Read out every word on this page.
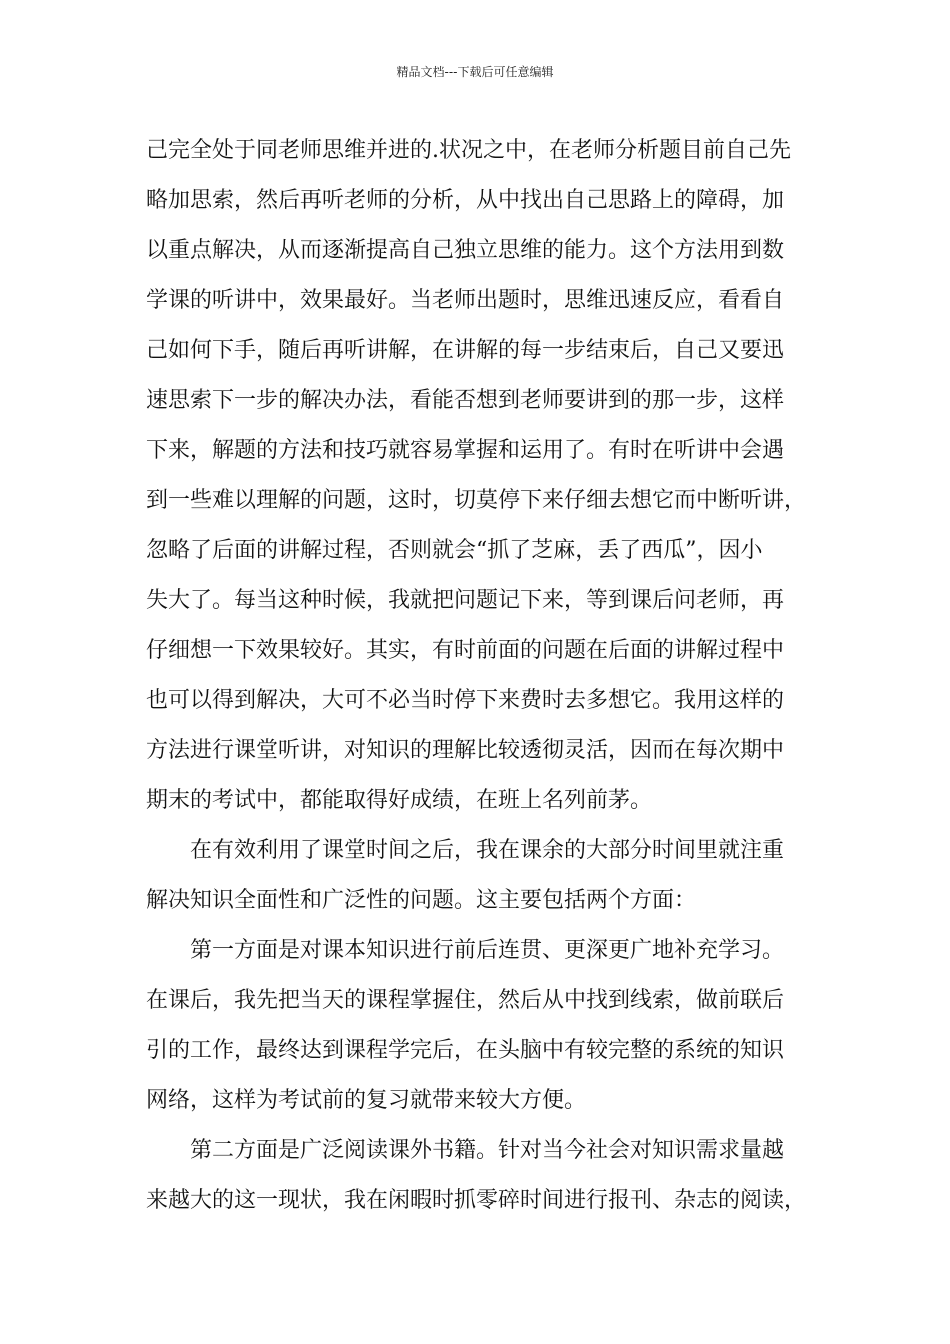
精品文档---下载后可任意编辑
己完全处于同老师思维并进的.状况之中，在老师分析题目前自己先
略加思索，然后再听老师的分析，从中找出自己思路上的障碍，加
以重点解决，从而逐渐提高自己独立思维的能力。这个方法用到数
学课的听讲中，效果最好。当老师出题时，思维迅速反应，看看自
己如何下手，随后再听讲解，在讲解的每一步结束后，自己又要迅
速思索下一步的解决办法，看能否想到老师要讲到的那一步，这样
下来，解题的方法和技巧就容易掌握和运用了。有时在听讲中会遇
到一些难以理解的问题，这时，切莫停下来仔细去想它而中断听讲，
忽略了后面的讲解过程，否则就会“抓了芝麻，丢了西瓜”，因小
失大了。每当这种时候，我就把问题记下来，等到课后问老师，再
仔细想一下效果较好。其实，有时前面的问题在后面的讲解过程中
也可以得到解决，大可不必当时停下来费时去多想它。我用这样的
方法进行课堂听讲，对知识的理解比较透彻灵活，因而在每次期中
期末的考试中，都能取得好成绩，在班上名列前茅。
在有效利用了课堂时间之后，我在课余的大部分时间里就注重
解决知识全面性和广泛性的问题。这主要包括两个方面：
第一方面是对课本知识进行前后连贯、更深更广地补充学习。
在课后，我先把当天的课程掌握住，然后从中找到线索，做前联后
引的工作，最终达到课程学完后，在头脑中有较完整的系统的知识
网络，这样为考试前的复习就带来较大方便。
第二方面是广泛阅读课外书籍。针对当今社会对知识需求量越
来越大的这一现状，我在闲暇时抓零碎时间进行报刊、杂志的阅读，
